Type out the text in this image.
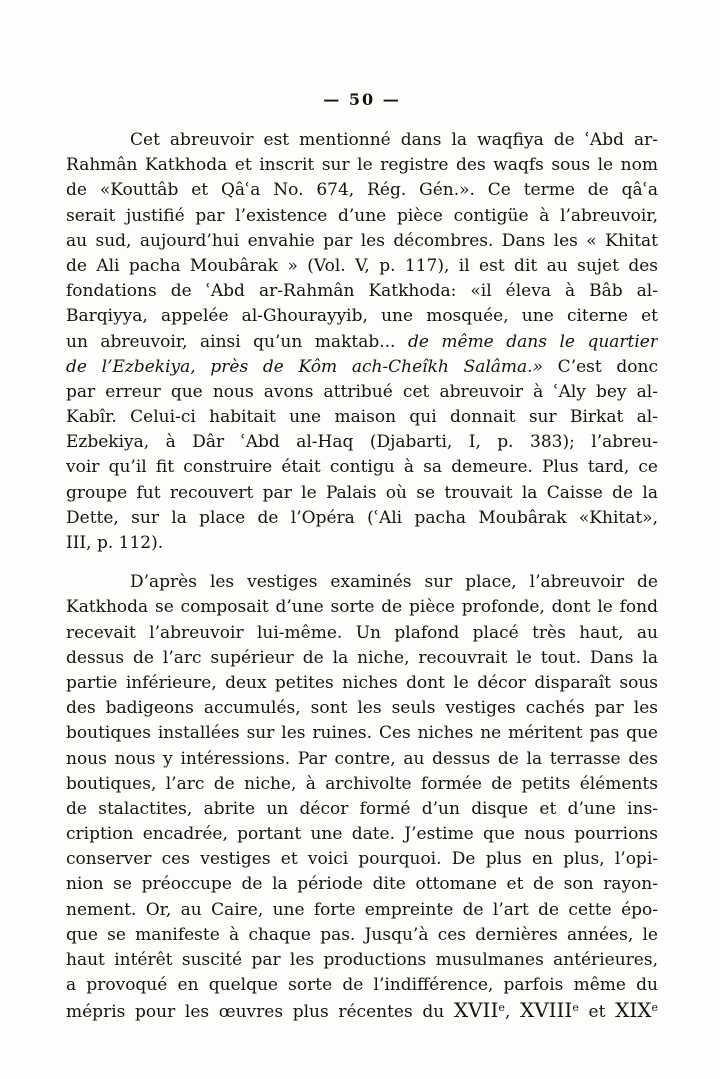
— 50 —
Cet abreuvoir est mentionné dans la waqfiya de ʿAbd ar-
Rahmân Katkhoda et inscrit sur le registre des waqfs sous le nom
de «Kouttâb et Qâʿa No. 674, Rég. Gén.». Ce terme de qâʿa
serait justifié par l’existence d’une pièce contigüe à l’abreuvoir,
au sud, aujourd’hui envahie par les décombres. Dans les « Khitat
de Ali pacha Moubârak » (Vol. V, p. 117), il est dit au sujet des
fondations de ʿAbd ar-Rahmân Katkhoda: «il éleva à Bâb al-
Barqiyya, appelée al-Ghourayyib, une mosquée, une citerne et
un abreuvoir, ainsi qu’un maktab... de même dans le quartier
de l’Ezbekiya, près de Kôm ach-Cheîkh Salâma.» C’est donc
par erreur que nous avons attribué cet abreuvoir à ʿAly bey al-
Kabîr. Celui-ci habitait une maison qui donnait sur Birkat al-
Ezbekiya, à Dâr ʿAbd al-Haq (Djabarti, I, p. 383); l’abreu-
voir qu’il fit construire était contigu à sa demeure. Plus tard, ce
groupe fut recouvert par le Palais où se trouvait la Caisse de la
Dette, sur la place de l’Opéra (ʿAli pacha Moubârak «Khitat»,
III, p. 112).
D’après les vestiges examinés sur place, l’abreuvoir de
Katkhoda se composait d’une sorte de pièce profonde, dont le fond
recevait l’abreuvoir lui-même. Un plafond placé très haut, au
dessus de l’arc supérieur de la niche, recouvrait le tout. Dans la
partie inférieure, deux petites niches dont le décor disparaît sous
des badigeons accumulés, sont les seuls vestiges cachés par les
boutiques installées sur les ruines. Ces niches ne méritent pas que
nous nous y intéressions. Par contre, au dessus de la terrasse des
boutiques, l’arc de niche, à archivolte formée de petits éléments
de stalactites, abrite un décor formé d’un disque et d’une ins-
cription encadrée, portant une date. J’estime que nous pourrions
conserver ces vestiges et voici pourquoi. De plus en plus, l’opi-
nion se préoccupe de la période dite ottomane et de son rayon-
nement. Or, au Caire, une forte empreinte de l’art de cette épo-
que se manifeste à chaque pas. Jusqu’à ces dernières années, le
haut intérêt suscité par les productions musulmanes antérieures,
a provoqué en quelque sorte de l’indifférence, parfois même du
mépris pour les œuvres plus récentes du XVIIe, XVIIIe et XIXe
